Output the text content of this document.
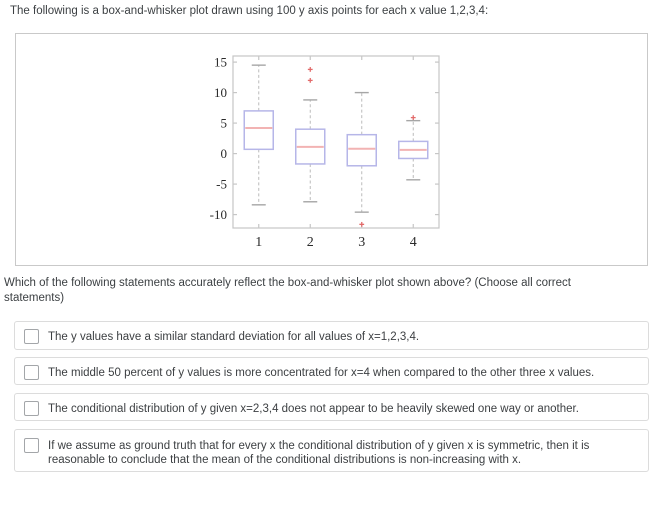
The following is a box-and-whisker plot drawn using 100 y axis points for each x value 1,2,3,4:
15
10
5
0
-5
-10
1	2	3	4
Which of the following statements accurately reflect the box-and-whisker plot shown above? (Choose all correct statements)
The y values have a similar standard deviation for all values of x=1,2,3,4.
The middle 50 percent of y values is more concentrated for x=4 when compared to the other three x values.
The conditional distribution of y given x=2,3,4 does not appear to be heavily skewed one way or another.
If we assume as ground truth that for every x the conditional distribution of y given x is symmetric, then it is reasonable to conclude that the mean of the conditional distributions is non-increasing with x.
